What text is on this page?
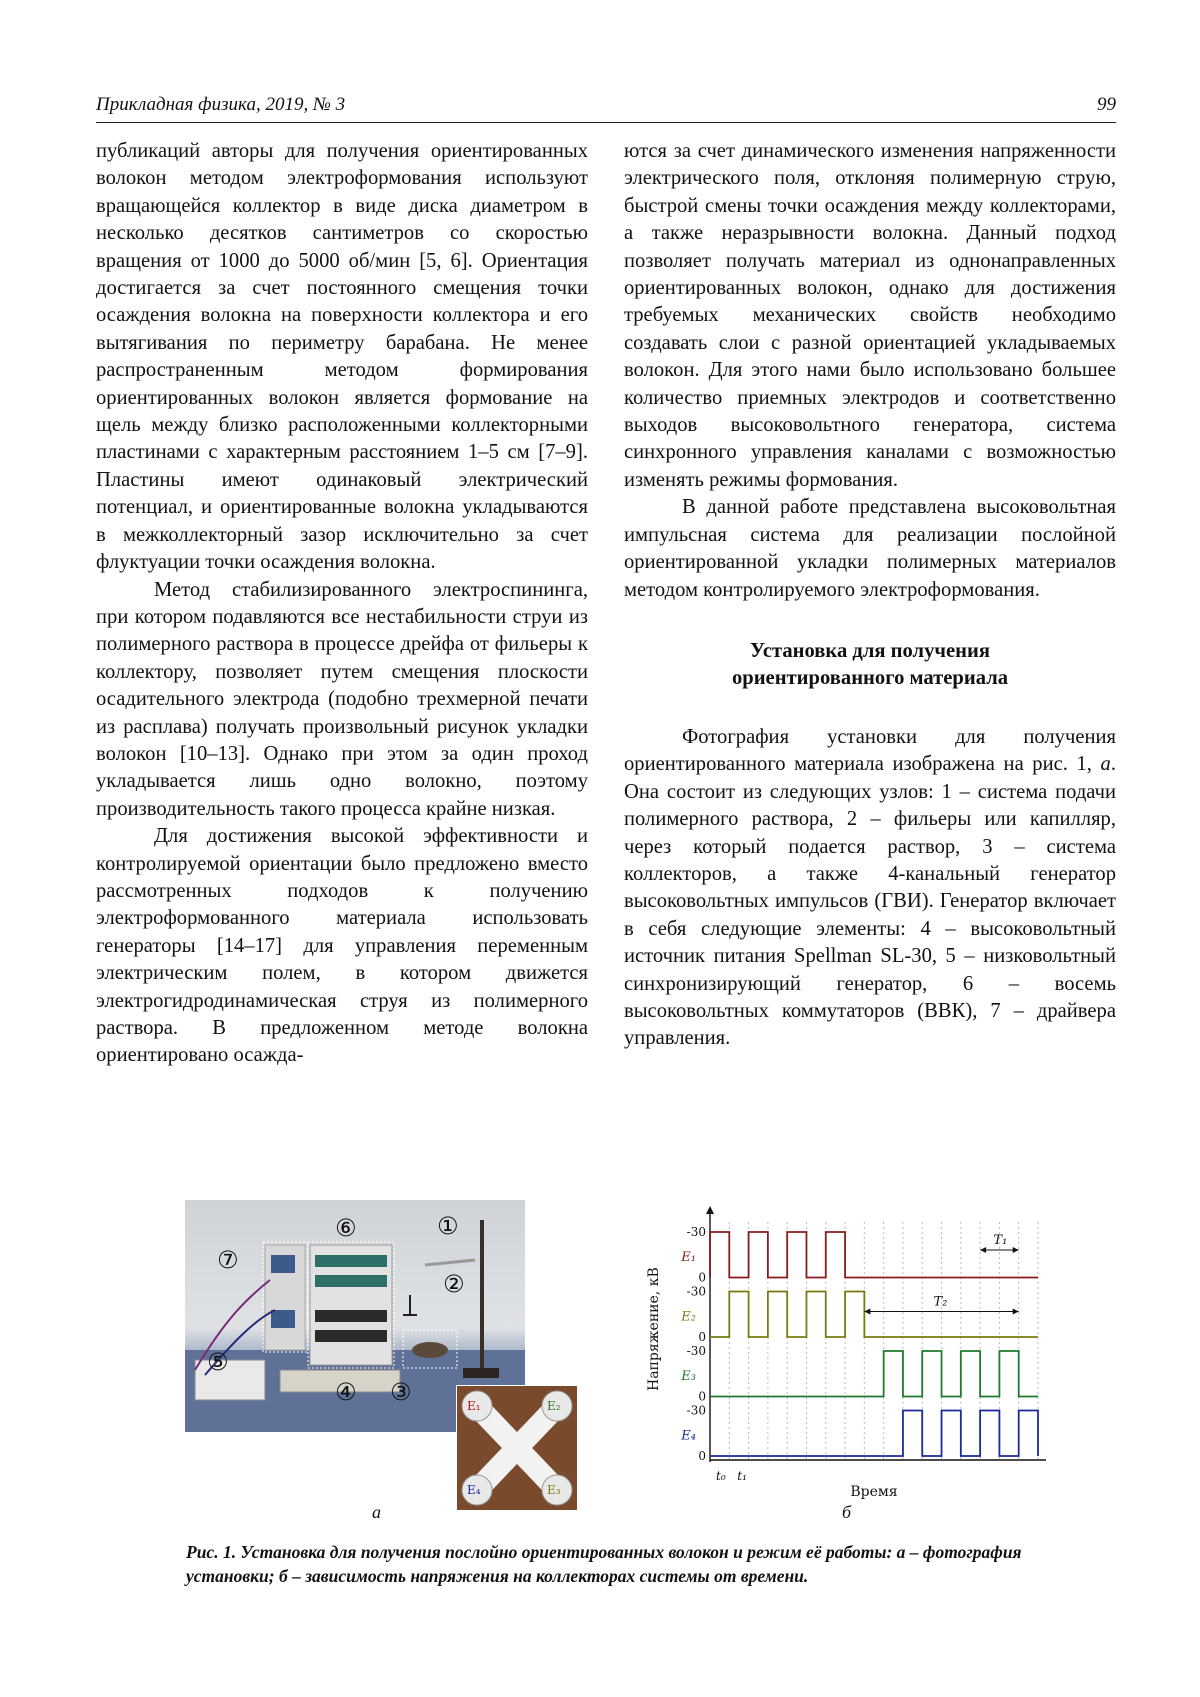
Прикладная физика, 2019, № 3	99

публикаций авторы для получения ориентированных волокон методом электроформования используют вращающейся коллектор в виде диска диаметром в несколько десятков сантиметров со скоростью вращения от 1000 до 5000 об/мин [5, 6]. Ориентация достигается за счет постоянного смещения точки осаждения волокна на поверхности коллектора и его вытягивания по периметру барабана. Не менее распространенным методом формирования ориентированных волокон является формование на щель между близко расположенными коллекторными пластинами с характерным расстоянием 1–5 см [7–9]. Пластины имеют одинаковый электрический потенциал, и ориентированные волокна укладываются в межколлекторный зазор исключительно за счет флуктуации точки осаждения волокна.

Метод стабилизированного электроспининга, при котором подавляются все нестабильности струи из полимерного раствора в процессе дрейфа от фильеры к коллектору, позволяет путем смещения плоскости осадительного электрода (подобно трехмерной печати из расплава) получать произвольный рисунок укладки волокон [10–13]. Однако при этом за один проход укладывается лишь одно волокно, поэтому производительность такого процесса крайне низкая.

Для достижения высокой эффективности и контролируемой ориентации было предложено вместо рассмотренных подходов к получению электроформованного материала использовать генераторы [14–17] для управления переменным электрическим полем, в котором движется электрогидродинамическая струя из полимерного раствора. В предложенном методе волокна ориентировано осажда-

ются за счет динамического изменения напряженности электрического поля, отклоняя полимерную струю, быстрой смены точки осаждения между коллекторами, а также неразрывности волокна. Данный подход позволяет получать материал из однонаправленных ориентированных волокон, однако для достижения требуемых механических свойств необходимо создавать слои с разной ориентацией укладываемых волокон. Для этого нами было использовано большее количество приемных электродов и соответственно выходов высоковольтного генератора, система синхронного управления каналами с возможностью изменять режимы формования.

В данной работе представлена высоковольтная импульсная система для реализации послойной ориентированной укладки полимерных материалов методом контролируемого электроформования.

Установка для получения
ориентированного материала

Фотография установки для получения ориентированного материала изображена на рис. 1, а. Она состоит из следующих узлов: 1 – система подачи полимерного раствора, 2 – фильеры или капилляр, через который подается раствор, 3 – система коллекторов, а также 4-канальный генератор высоковольтных импульсов (ГВИ). Генератор включает в себя следующие элементы: 4 – высоковольтный источник питания Spellman SL-30, 5 – низковольтный синхронизирующий генератор, 6 – восемь высоковольтных коммутаторов (ВВК), 7 – драйвера управления.

①
②
③
④
⑤
⑥
⑦
E₁	E₂
E₄	E₃
а	б
-30
0
E₁
-30
0
E₂
-30
0
E₃
-30
0
E₄
t₀ t₁
T₁
T₂
Напряжение, кВ
Время
Рис. 1. Установка для получения послойно ориентированных волокон и режим её работы: а – фотография установки; б – зависимость напряжения на коллекторах системы от времени.
